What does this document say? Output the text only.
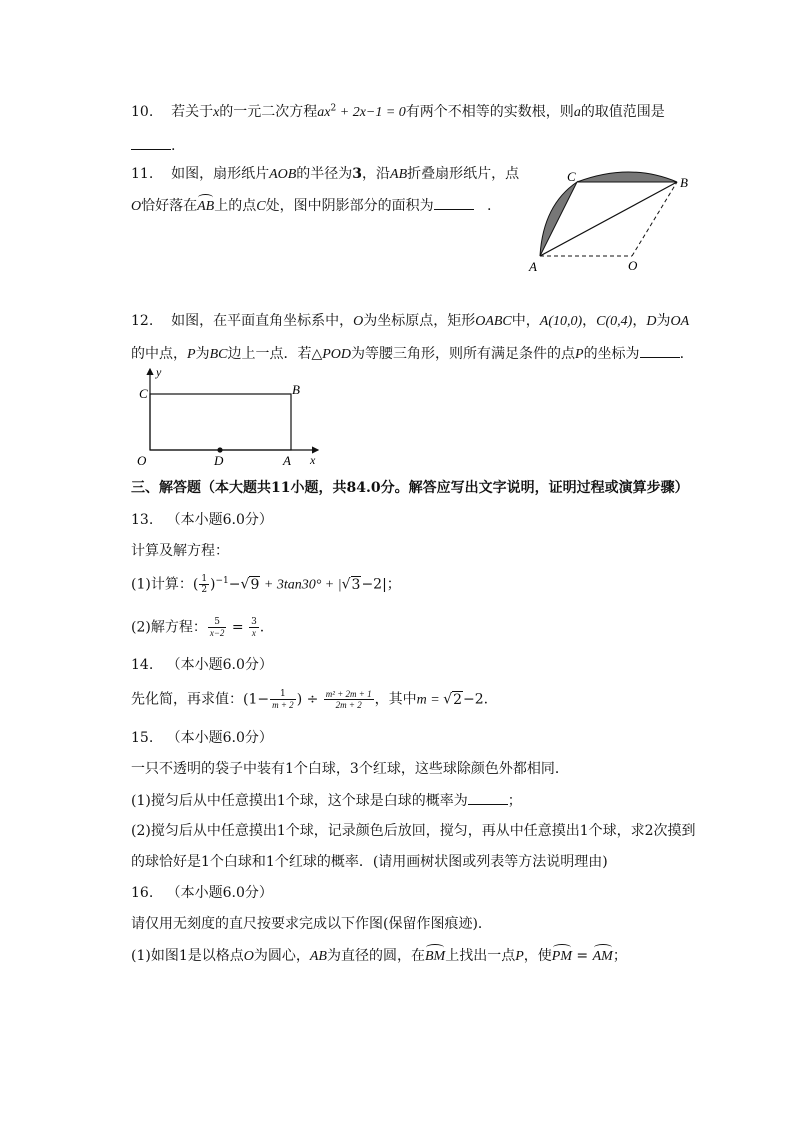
10. 若关于x的一元二次方程$ax^2 + 2x-1 = 0$有两个不相等的实数根，则a的取值范围是
.
11. 如图，扇形纸片AOB的半径为3，沿AB折叠扇形纸片，点
O恰好落在AB上的点C处，图中阴影部分的面积为	.
A
B
C
O
12. 如图，在平面直角坐标系中，O为坐标原点，矩形OABC中，A(10,0)，C(0,4)，D为OA
的中点，P为BC边上一点．若△POD为等腰三角形，则所有满足条件的点P的坐标为	.
y
x
C	B
O	D	A
三、解答题（本大题共11小题，共84.0分。解答应写出文字说明，证明过程或演算步骤）
13. （本小题6.0分）
计算及解方程：
(1)计算：( $\frac{1}{2} )^{-1}-√9 + 3\tan 30^\circ + |√3-2|$；
(2)解方程： $\frac{5}{x-2} = \frac{3}{x}$ .
14. （本小题6.0分）
先化简，再求值：($1- \frac{1}{m + 2}$ ) ÷ $\frac{\text{m² + 2m + 1}}{2m + 2}$ ，其中m = √2−2.
15. （本小题6.0分）
一只不透明的袋子中装有1个白球，3个红球，这些球除颜色外都相同．
(1)搅匀后从中任意摸出1个球，这个球是白球的概率为	；
(2)搅匀后从中任意摸出1个球，记录颜色后放回，搅匀，再从中任意摸出1个球，求2次摸到
的球恰好是1个白球和1个红球的概率．(请用画树状图或列表等方法说明理由)
16. （本小题6.0分）
请仅用无刻度的直尺按要求完成以下作图(保留作图痕迹)．
(1)如图1是以格点O为圆心，AB为直径的圆，在BM上找出一点P，使PM = AM；
